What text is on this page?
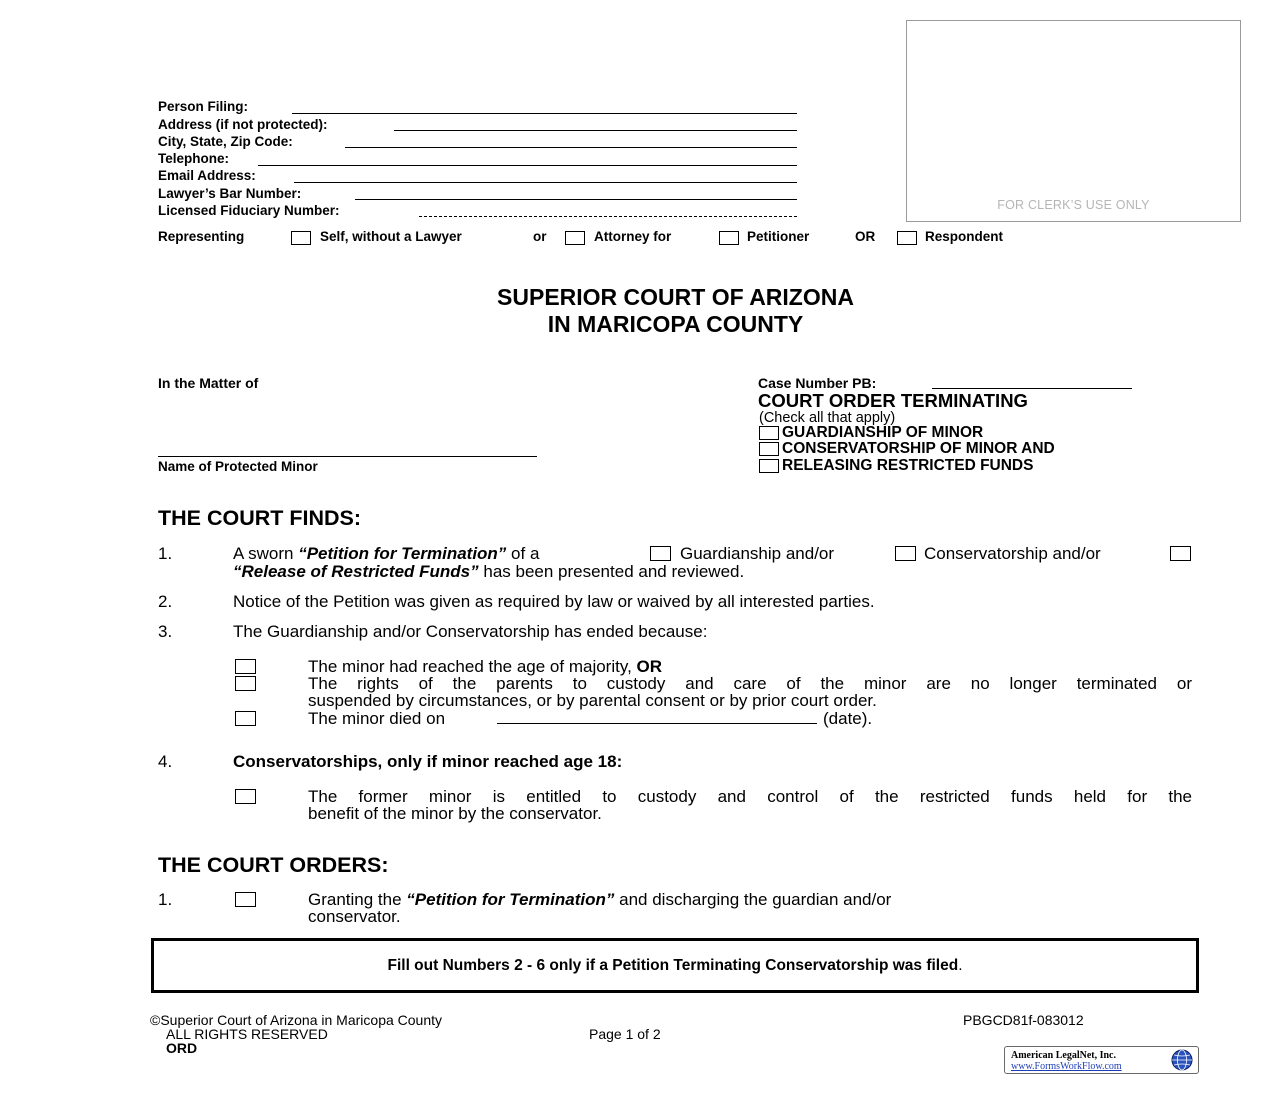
Person Filing:
Address (if not protected):
City, State, Zip Code:
Telephone:
Email Address:
Lawyer’s Bar Number:
Licensed Fiduciary Number:	FOR CLERK’S USE ONLY
Representing	Self, without a Lawyer	or	Attorney for	Petitioner	OR	Respondent
SUPERIOR COURT OF ARIZONA
IN MARICOPA COUNTY
In the Matter of
Name of Protected Minor
Case Number PB:
COURT ORDER TERMINATING
(Check all that apply)
GUARDIANSHIP OF MINOR
CONSERVATORSHIP OF MINOR AND
RELEASING RESTRICTED FUNDS
THE COURT FINDS:
1.	A sworn “Petition for Termination” of a	Guardianship and/or	Conservatorship and/or
“Release of Restricted Funds” has been presented and reviewed.
2.	Notice of the Petition was given as required by law or waived by all interested parties.
3.	The Guardianship and/or Conservatorship has ended because:
The minor had reached the age of majority, OR
The rights of the parents to custody and care of the minor are no longer terminated or
suspended by circumstances, or by parental consent or by prior court order.
The minor died on	(date).
4.	Conservatorships, only if minor reached age 18:
The former minor is entitled to custody and control of the restricted funds held for the
benefit of the minor by the conservator.
THE COURT ORDERS:
1.	Granting the “Petition for Termination” and discharging the guardian and/or
conservator.
Fill out Numbers 2 - 6 only if a Petition Terminating Conservatorship was filed .
©Superior Court of Arizona in Maricopa County
ALL RIGHTS RESERVED
ORD
Page 1 of 2
PBGCD81f-083012
American LegalNet, Inc.
www.FormsWorkFlow.com
